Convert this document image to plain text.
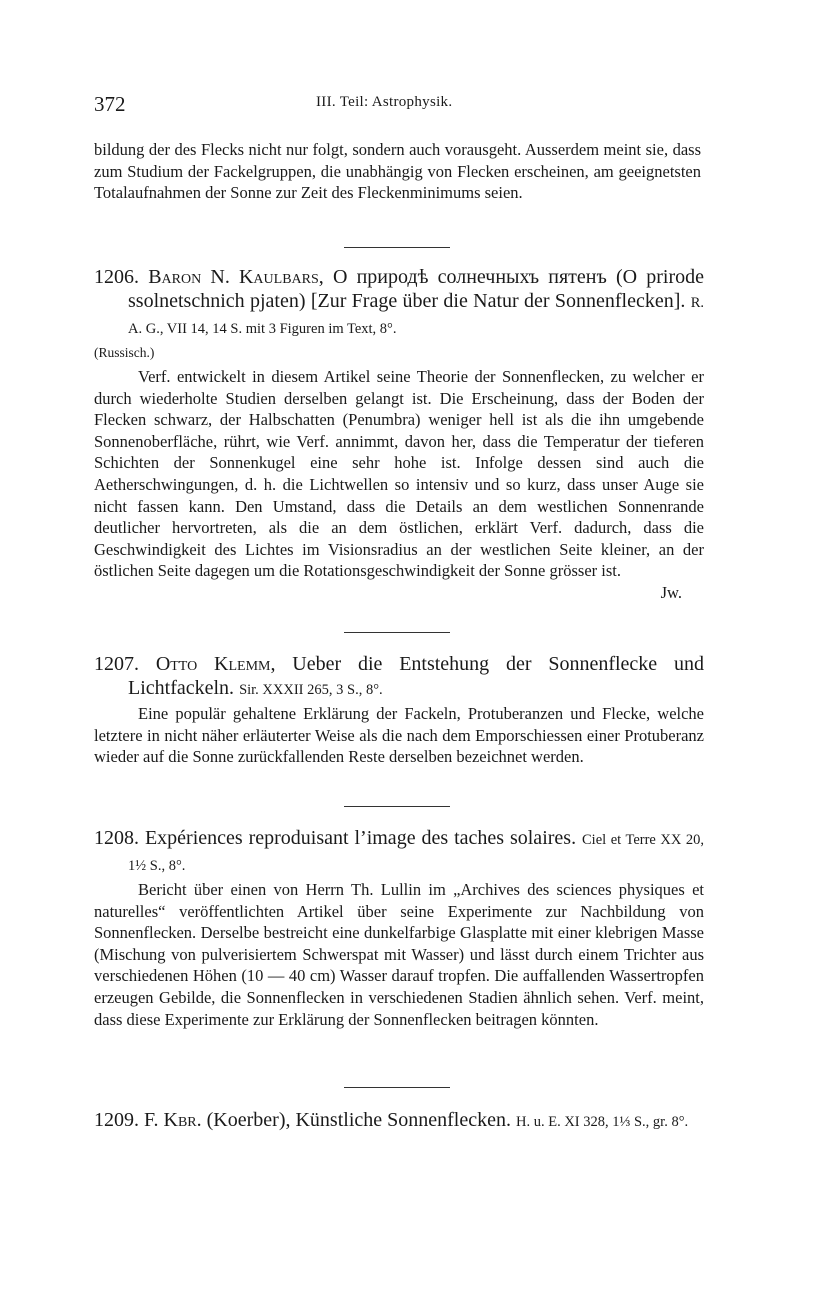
372	III. Teil: Astrophysik.
bildung der des Flecks nicht nur folgt, sondern auch vorausgeht. Ausserdem meint sie, dass zum Studium der Fackelgruppen, die unabhängig von Flecken erscheinen, am geeignetsten Totalaufnahmen der Sonne zur Zeit des Fleckenminimums seien.
1206. Baron N. Kaulbars, О природѣ солнечныхъ пятенъ (O prirode ssolnetschnich pjaten) [Zur Frage über die Natur der Sonnenflecken]. R. A. G., VII 14, 14 S. mit 3 Figuren im Text, 8°.
(Russisch.)
Verf. entwickelt in diesem Artikel seine Theorie der Sonnenflecken, zu welcher er durch wiederholte Studien derselben gelangt ist. Die Erscheinung, dass der Boden der Flecken schwarz, der Halbschatten (Penumbra) weniger hell ist als die ihn umgebende Sonnenoberfläche, rührt, wie Verf. annimmt, davon her, dass die Temperatur der tieferen Schichten der Sonnenkugel eine sehr hohe ist. Infolge dessen sind auch die Aetherschwingungen, d. h. die Lichtwellen so intensiv und so kurz, dass unser Auge sie nicht fassen kann. Den Umstand, dass die Details an dem westlichen Sonnenrande deutlicher hervortreten, als die an dem östlichen, erklärt Verf. dadurch, dass die Geschwindigkeit des Lichtes im Visionsradius an der westlichen Seite kleiner, an der östlichen Seite dagegen um die Rotationsgeschwindigkeit der Sonne grösser ist.
Jw.
1207. Otto Klemm, Ueber die Entstehung der Sonnenflecke und Lichtfackeln. Sir. XXXII 265, 3 S., 8°.
Eine populär gehaltene Erklärung der Fackeln, Protuberanzen und Flecke, welche letztere in nicht näher erläuterter Weise als die nach dem Emporschiessen einer Protuberanz wieder auf die Sonne zurückfallenden Reste derselben bezeichnet werden.
1208. Expériences reproduisant l’image des taches solaires. Ciel et Terre XX 20, 1½ S., 8°.
Bericht über einen von Herrn Th. Lullin im „Archives des sciences physiques et naturelles“ veröffentlichten Artikel über seine Experimente zur Nachbildung von Sonnenflecken. Derselbe bestreicht eine dunkelfarbige Glasplatte mit einer klebrigen Masse (Mischung von pulverisiertem Schwerspat mit Wasser) und lässt durch einem Trichter aus verschiedenen Höhen (10 — 40 cm) Wasser darauf tropfen. Die auffallenden Wassertropfen erzeugen Gebilde, die Sonnenflecken in verschiedenen Stadien ähnlich sehen. Verf. meint, dass diese Experimente zur Erklärung der Sonnenflecken beitragen könnten.
1209. F. Kbr. (Koerber), Künstliche Sonnenflecken. H. u. E. XI 328, 1⅓ S., gr. 8°.
